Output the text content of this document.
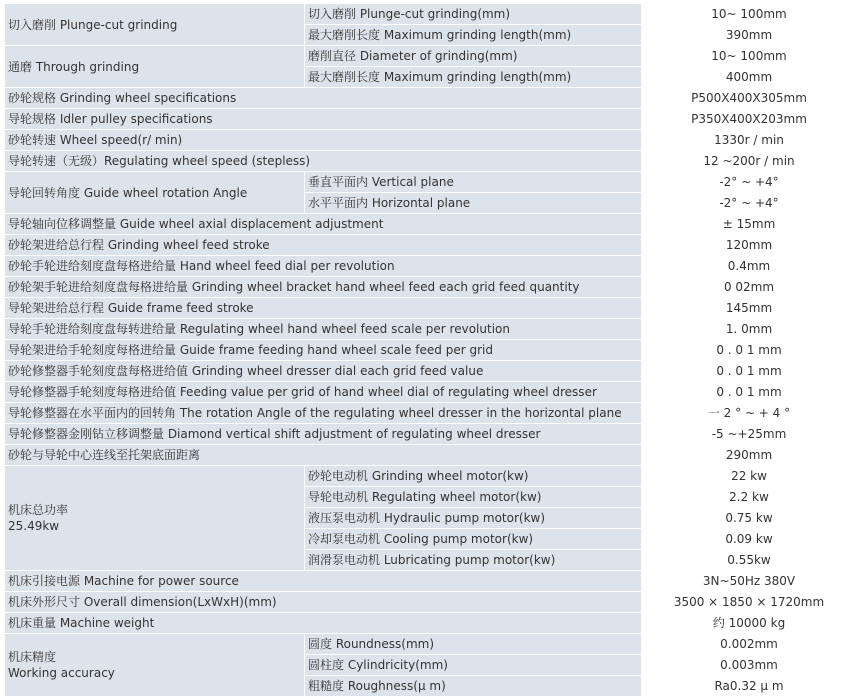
切入磨削 Plunge-cut grinding	切入磨削 Plunge-cut grinding(mm)	10~ 100mm
	最大磨削长度 Maximum grinding length(mm)	390mm
通磨 Through grinding	磨削直径 Diameter of grinding(mm)	10~ 100mm
	最大磨削长度 Maximum grinding length(mm)	400mm
砂轮规格 Grinding wheel specifications		P500X400X305mm
导轮规格 Idler pulley specifications		P350X400X203mm
砂轮转速 Wheel speed(r/ min)		1330r / min
导轮转速（无级）Regulating wheel speed (stepless)		12 ~200r / min
导轮回转角度 Guide wheel rotation Angle	垂直平面内 Vertical plane	-2° ~ +4°
	水平平面内 Horizontal plane	-2° ~ +4°
导轮轴向位移调整量 Guide wheel axial displacement adjustment		± 15mm
砂轮架进给总行程 Grinding wheel feed stroke		120mm
砂轮手轮进给刻度盘每格进给量 Hand wheel feed dial per revolution		0.4mm
砂轮架手轮进给刻度盘每格进给量 Grinding wheel bracket hand wheel feed each grid feed quantity		0 02mm
导轮架进给总行程 Guide frame feed stroke		145mm
导轮手轮进给刻度盘每转进给量 Regulating wheel hand wheel feed scale per revolution		1. 0mm
导轮架进给手轮刻度每格进给量 Guide frame feeding hand wheel scale feed per grid		0 . 0 1 mm
砂轮修整器手轮刻度盘每格进给值 Grinding wheel dresser dial each grid feed value		0 . 0 1 mm
导轮修整器手轮刻度每格进给值 Feeding value per grid of hand wheel dial of regulating wheel dresser		0 . 0 1 mm
导轮修整器在水平面内的回转角 The rotation Angle of the regulating wheel dresser in the horizontal plane		一 2 ° ~ + 4 °
导轮修整器金刚钻立移调整量 Diamond vertical shift adjustment of regulating wheel dresser		-5 ~+25mm
砂轮与导轮中心连线至托架底面距离		290mm

机床总功率
25.49kw	砂轮电动机 Grinding wheel motor(kw)	22 kw
	导轮电动机 Regulating wheel motor(kw)	2.2 kw
	液压泵电动机 Hydraulic pump motor(kw)	0.75 kw
	冷却泵电动机 Cooling pump motor(kw)	0.09 kw
	润滑泵电动机 Lubricating pump motor(kw)	0.55kw
机床引接电源 Machine for power source		3N~50Hz 380V
机床外形尺寸 Overall dimension(LxWxH)(mm)		3500 × 1850 × 1720mm
机床重量 Machine weight		约 10000 kg

机床精度
Working accuracy	圆度 Roundness(mm)	0.002mm
	圆柱度 Cylindricity(mm)	0.003mm
	粗糙度 Roughness(μ m)	Ra0.32 μ m
